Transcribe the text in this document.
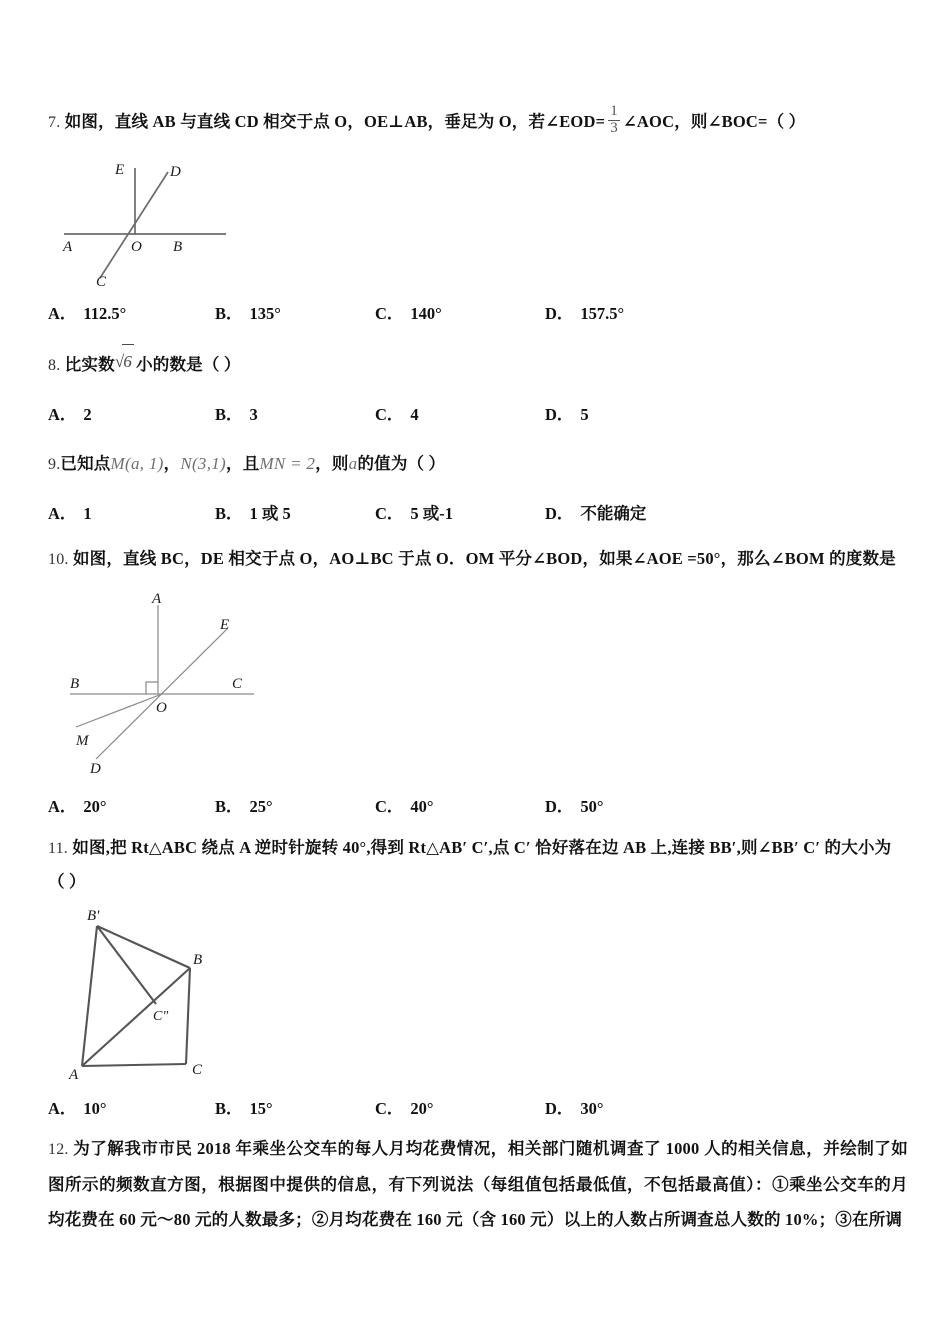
7. 如图，直线 AB 与直线 CD 相交于点 O，OE⊥AB，垂足为 O，若∠EOD= $\frac{1}{3}$ ∠AOC，则∠BOC=（ ）
E	D
A	O B
C
A． 112.5°	B． 135°	C． 140°	D． 157.5°
8. 比实数√6 小的数是（ ）
A． 2	B． 3	C． 4	D． 5
9.已知点M(a, 1)，N(3,1)，且MN = 2，则a的值为（ ）
A． 1	B． 1 或 5	C． 5 或-1	D． 不能确定
10. 如图，直线 BC，DE 相交于点 O，AO⊥BC 于点 O．OM 平分∠BOD，如果∠AOE =50°，那么∠BOM 的度数是
A
E
B	C
O
M
D
A． 20°	B． 25°	C． 40°	D． 50°
11. 如图,把 Rt△ABC 绕点 A 逆时针旋转 40°,得到 Rt△AB′ C′,点 C′ 恰好落在边 AB 上,连接 BB′,则∠BB′ C′ 的大小为（ ）
B'
B
C"
A	C
A． 10°	B． 15°	C． 20°	D． 30°
12. 为了解我市市民 2018 年乘坐公交车的每人月均花费情况，相关部门随机调查了 1000 人的相关信息，并绘制了如图所示的频数直方图，根据图中提供的信息，有下列说法（每组值包括最低值，不包括最高值）：①乘坐公交车的月均花费在 60 元～80 元的人数最多；②月均花费在 160 元（含 160 元）以上的人数占所调查总人数的 10%；③在所调
